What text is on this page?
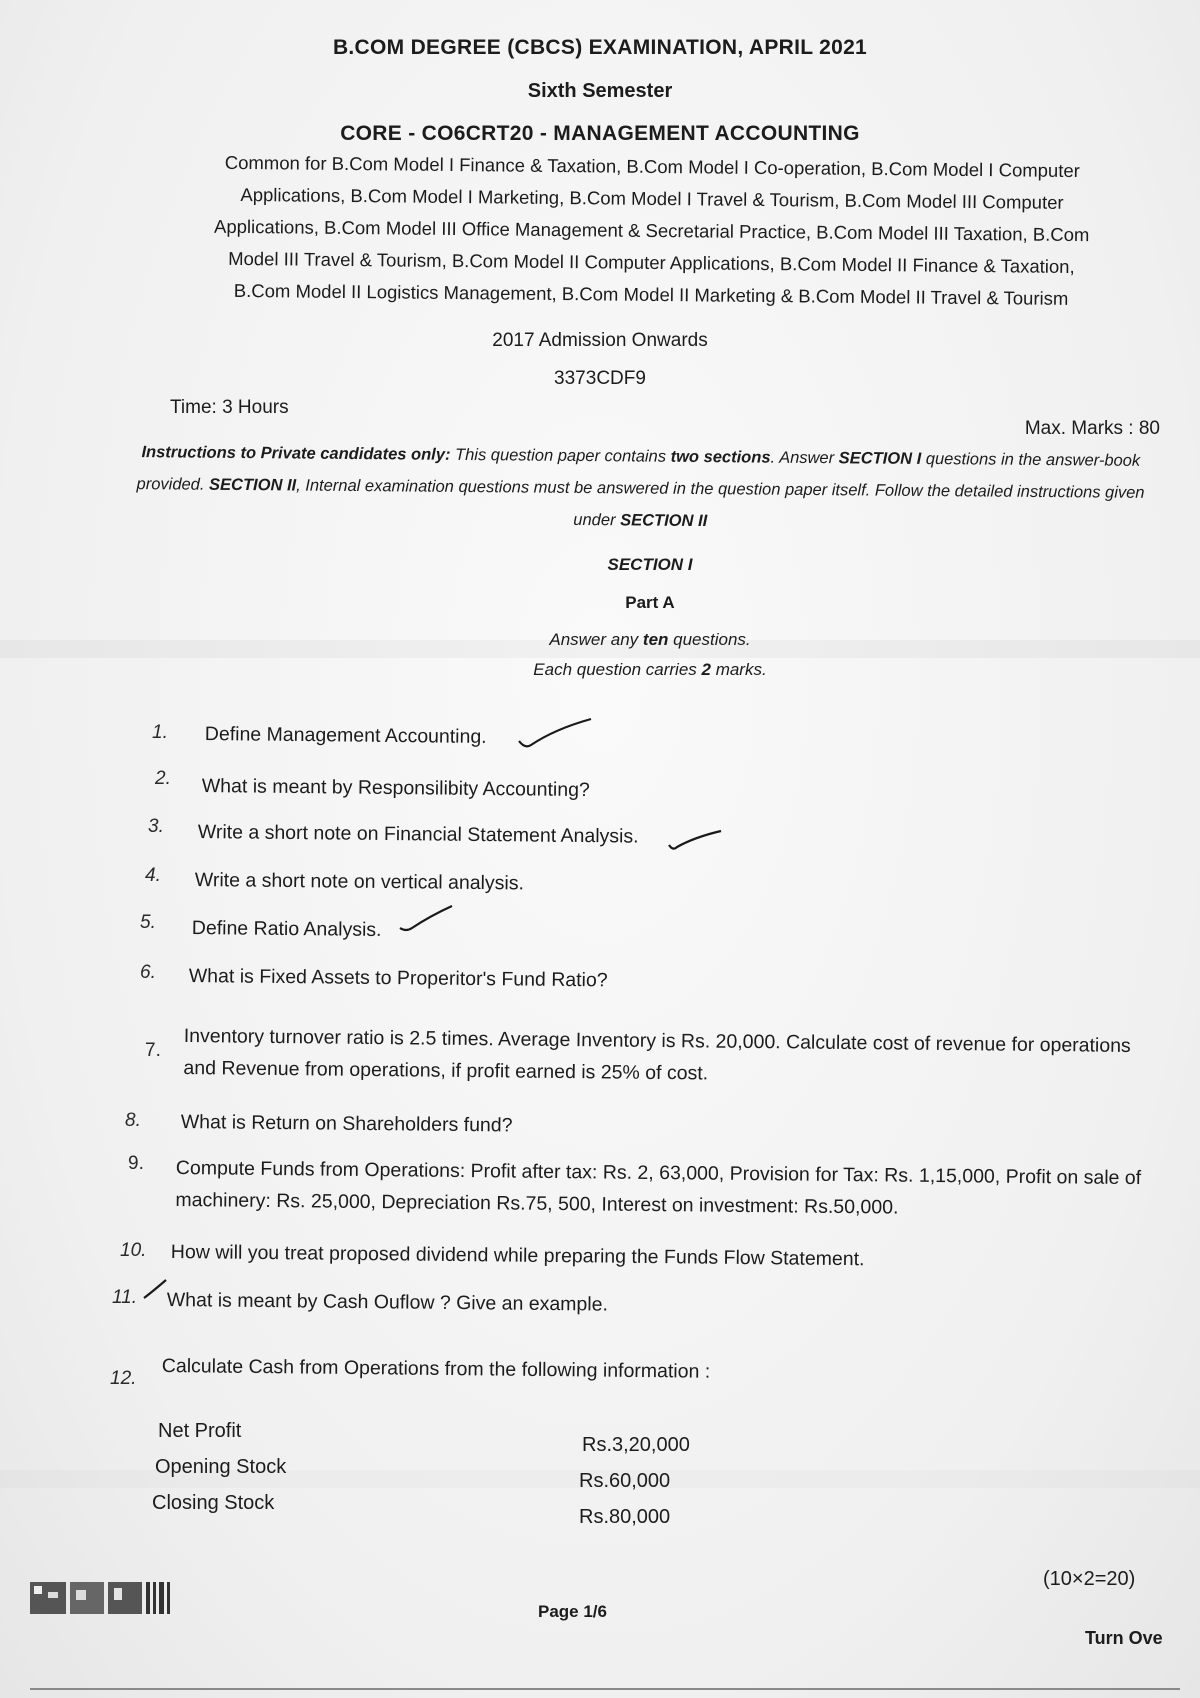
B.COM DEGREE (CBCS) EXAMINATION, APRIL 2021
Sixth Semester
CORE - CO6CRT20 - MANAGEMENT ACCOUNTING
Common for B.Com Model I Finance & Taxation, B.Com Model I Co-operation, B.Com Model I Computer
Applications, B.Com Model I Marketing, B.Com Model I Travel & Tourism, B.Com Model III Computer
Applications, B.Com Model III Office Management & Secretarial Practice, B.Com Model III Taxation, B.Com
Model III Travel & Tourism, B.Com Model II Computer Applications, B.Com Model II Finance & Taxation,
B.Com Model II Logistics Management, B.Com Model II Marketing & B.Com Model II Travel & Tourism
2017 Admission Onwards
3373CDF9
Time: 3 Hours
Max. Marks : 80
Instructions to Private candidates only: This question paper contains two sections. Answer SECTION I questions in the answer-book provided. SECTION II, Internal examination questions must be answered in the question paper itself. Follow the detailed instructions given under SECTION II
SECTION I
Part A
Answer any ten questions.
Each question carries 2 marks.
1. Define Management Accounting.
2. What is meant by Responsilibity Accounting?
3. Write a short note on Financial Statement Analysis.
4. Write a short note on vertical analysis.
5. Define Ratio Analysis.
6. What is Fixed Assets to Properitor's Fund Ratio?
7. Inventory turnover ratio is 2.5 times. Average Inventory is Rs. 20,000. Calculate cost of revenue for operations and Revenue from operations, if profit earned is 25% of cost.
8. What is Return on Shareholders fund?
9. Compute Funds from Operations: Profit after tax: Rs. 2, 63,000, Provision for Tax: Rs. 1,15,000, Profit on sale of machinery: Rs. 25,000, Depreciation Rs.75, 500, Interest on investment: Rs.50,000.
10. How will you treat proposed dividend while preparing the Funds Flow Statement.
11. What is meant by Cash Ouflow ? Give an example.
12. Calculate Cash from Operations from the following information :
Net Profit
Opening Stock
Closing Stock
Rs.3,20,000
Rs.60,000
Rs.80,000
(10×2=20)
Page 1/6
Turn Ove
